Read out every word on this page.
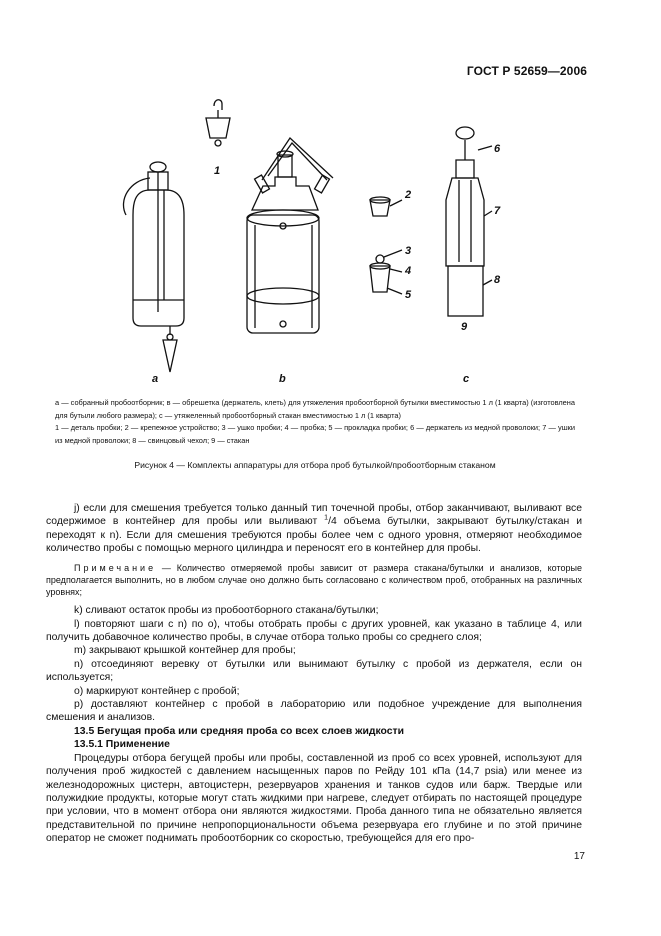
ГОСТ Р 52659—2006
1
2
3
4
5
6
7
8
9
a	b	c
а — собранный пробоотборник; в — обрешетка (держатель, клеть) для утяжеления пробоотборной бутылки вместимостью 1 л (1 кварта) (изготовлена для бутыли любого размера); с — утяжеленный пробоотборный стакан вместимостью 1 л (1 кварта)
1 — деталь пробки; 2 — крепежное устройство; 3 — ушко пробки; 4 — пробка; 5 — прокладка пробки; 6 — держатель из медной проволоки; 7 — ушки из медной проволоки; 8 — свинцовый чехол; 9 — стакан
Рисунок 4 — Комплекты аппаратуры для отбора проб бутылкой/пробоотборным стаканом

j) если для смешения требуется только данный тип точечной пробы, отбор заканчивают, выливают все содержимое в контейнер для пробы или выливают $^1$/4 объема бутылки, закрывают бутылку/стакан и переходят к n). Если для смешения требуются пробы более чем с одного уровня, отмеряют необходимое количество пробы с помощью мерного цилиндра и переносят его в контейнер для пробы.

Примечание — Количество отмеряемой пробы зависит от размера стакана/бутылки и анализов, которые предполагается выполнить, но в любом случае оно должно быть согласовано с количеством проб, отобранных на различных уровнях;

k) сливают остаток пробы из пробоотборного стакана/бутылки;

l) повторяют шаги с n) по о), чтобы отобрать пробы с других уровней, как указано в таблице 4, или получить добавочное количество пробы, в случае отбора только пробы со среднего слоя;

m) закрывают крышкой контейнер для пробы;

n) отсоединяют веревку от бутылки или вынимают бутылку с пробой из держателя, если он используется;

о) маркируют контейнер с пробой;

р) доставляют контейнер с пробой в лабораторию или подобное учреждение для выполнения смешения и анализов.

13.5 Бегущая проба или средняя проба со всех слоев жидкости

13.5.1 Применение

Процедуры отбора бегущей пробы или пробы, составленной из проб со всех уровней, используют для получения проб жидкостей с давлением насыщенных паров по Рейду 101 кПа (14,7 psia) или менее из железнодорожных цистерн, автоцистерн, резервуаров хранения и танков судов или барж. Твердые или полужидкие продукты, которые могут стать жидкими при нагреве, следует отбирать по настоящей процедуре при условии, что в момент отбора они являются жидкостями. Проба данного типа не обязательно является представительной по причине непропорциональности объема резервуара его глубине и по этой причине оператор не сможет поднимать пробоотборник со скоростью, требующейся для его про-

17
